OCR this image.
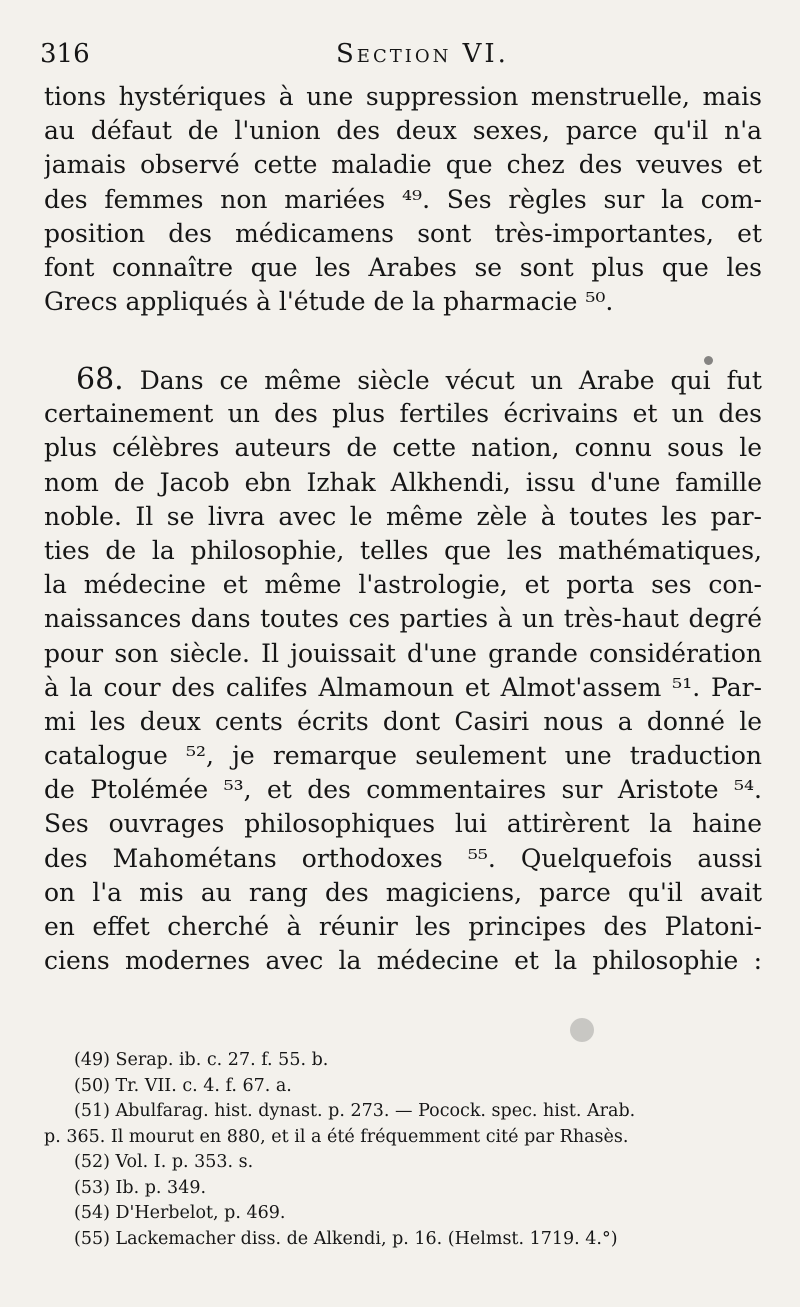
316	Section VI.
tions hystériques à une suppression menstruelle, mais
au défaut de l'union des deux sexes, parce qu'il n'a
jamais observé cette maladie que chez des veuves et
des femmes non mariées ⁴⁹. Ses règles sur la com-
position des médicamens sont très-importantes, et
font connaître que les Arabes se sont plus que les
Grecs appliqués à l'étude de la pharmacie ⁵⁰.
68. Dans ce même siècle vécut un Arabe qui fut
certainement un des plus fertiles écrivains et un des
plus célèbres auteurs de cette nation, connu sous le
nom de Jacob ebn Izhak Alkhendi, issu d'une famille
noble. Il se livra avec le même zèle à toutes les par-
ties de la philosophie, telles que les mathématiques,
la médecine et même l'astrologie, et porta ses con-
naissances dans toutes ces parties à un très-haut degré
pour son siècle. Il jouissait d'une grande considération
à la cour des califes Almamoun et Almot'assem ⁵¹. Par-
mi les deux cents écrits dont Casiri nous a donné le
catalogue ⁵², je remarque seulement une traduction
de Ptolémée ⁵³, et des commentaires sur Aristote ⁵⁴.
Ses ouvrages philosophiques lui attirèrent la haine
des Mahométans orthodoxes ⁵⁵. Quelquefois aussi
on l'a mis au rang des magiciens, parce qu'il avait
en effet cherché à réunir les principes des Platoni-
ciens modernes avec la médecine et la philosophie :
(49) Serap. ib. c. 27. f. 55. b.
(50) Tr. VII. c. 4. f. 67. a.
(51) Abulfarag. hist. dynast. p. 273. — Pocock. spec. hist. Arab.
p. 365. Il mourut en 880, et il a été fréquemment cité par Rhasès.
(52) Vol. I. p. 353. s.
(53) Ib. p. 349.
(54) D'Herbelot, p. 469.
(55) Lackemacher diss. de Alkendi, p. 16. (Helmst. 1719. 4.°)
